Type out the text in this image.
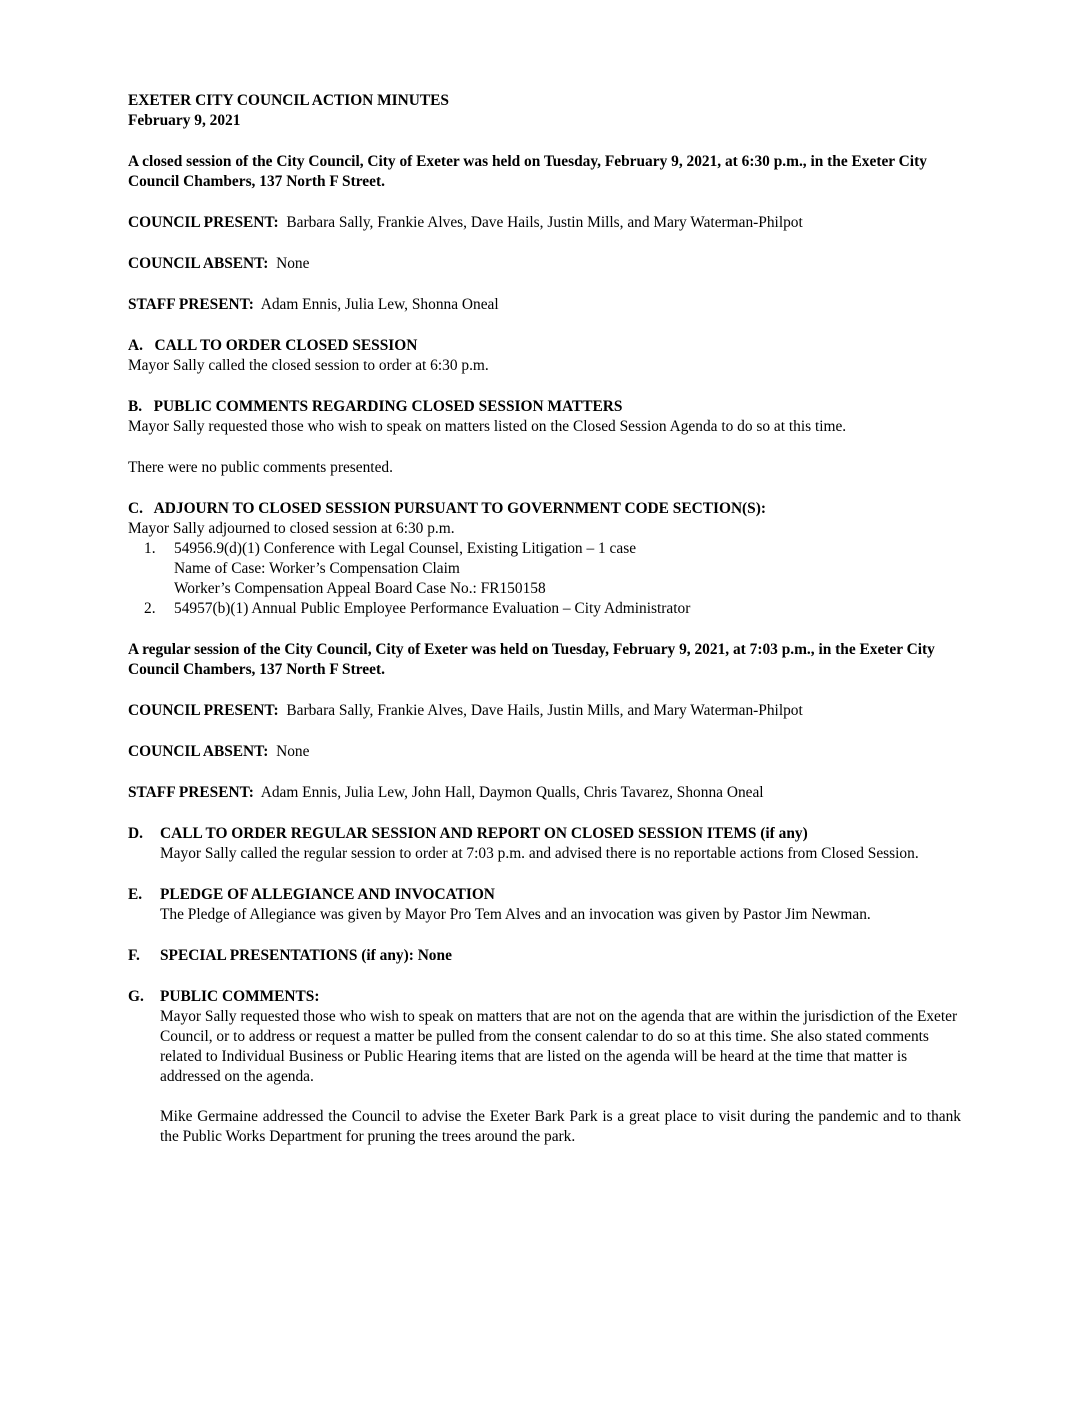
EXETER CITY COUNCIL ACTION MINUTES

February 9, 2021

A closed session of the City Council, City of Exeter was held on Tuesday, February 9, 2021, at 6:30 p.m., in the Exeter City Council Chambers, 137 North F Street.

COUNCIL PRESENT: Barbara Sally, Frankie Alves, Dave Hails, Justin Mills, and Mary Waterman-Philpot

COUNCIL ABSENT: None

STAFF PRESENT: Adam Ennis, Julia Lew, Shonna Oneal

A.   CALL TO ORDER CLOSED SESSION

Mayor Sally called the closed session to order at 6:30 p.m.

B.   PUBLIC COMMENTS REGARDING CLOSED SESSION MATTERS

Mayor Sally requested those who wish to speak on matters listed on the Closed Session Agenda to do so at this time.

There were no public comments presented.

C.   ADJOURN TO CLOSED SESSION PURSUANT TO GOVERNMENT CODE SECTION(S):

Mayor Sally adjourned to closed session at 6:30 p.m.

1. 54956.9(d)(1) Conference with Legal Counsel, Existing Litigation – 1 case

Name of Case: Worker’s Compensation Claim

Worker’s Compensation Appeal Board Case No.: FR150158

2. 54957(b)(1) Annual Public Employee Performance Evaluation – City Administrator

A regular session of the City Council, City of Exeter was held on Tuesday, February 9, 2021, at 7:03 p.m., in the Exeter City Council Chambers, 137 North F Street.

COUNCIL PRESENT: Barbara Sally, Frankie Alves, Dave Hails, Justin Mills, and Mary Waterman-Philpot

COUNCIL ABSENT: None

STAFF PRESENT: Adam Ennis, Julia Lew, John Hall, Daymon Qualls, Chris Tavarez, Shonna Oneal

D. CALL TO ORDER REGULAR SESSION AND REPORT ON CLOSED SESSION ITEMS (if any)

Mayor Sally called the regular session to order at 7:03 p.m. and advised there is no reportable actions from Closed Session.

E. PLEDGE OF ALLEGIANCE AND INVOCATION

The Pledge of Allegiance was given by Mayor Pro Tem Alves and an invocation was given by Pastor Jim Newman.

F. SPECIAL PRESENTATIONS (if any): None

G. PUBLIC COMMENTS:

Mayor Sally requested those who wish to speak on matters that are not on the agenda that are within the jurisdiction of the Exeter Council, or to address or request a matter be pulled from the consent calendar to do so at this time. She also stated comments related to Individual Business or Public Hearing items that are listed on the agenda will be heard at the time that matter is addressed on the agenda.

Mike Germaine addressed the Council to advise the Exeter Bark Park is a great place to visit during the pandemic and to thank the Public Works Department for pruning the trees around the park.
